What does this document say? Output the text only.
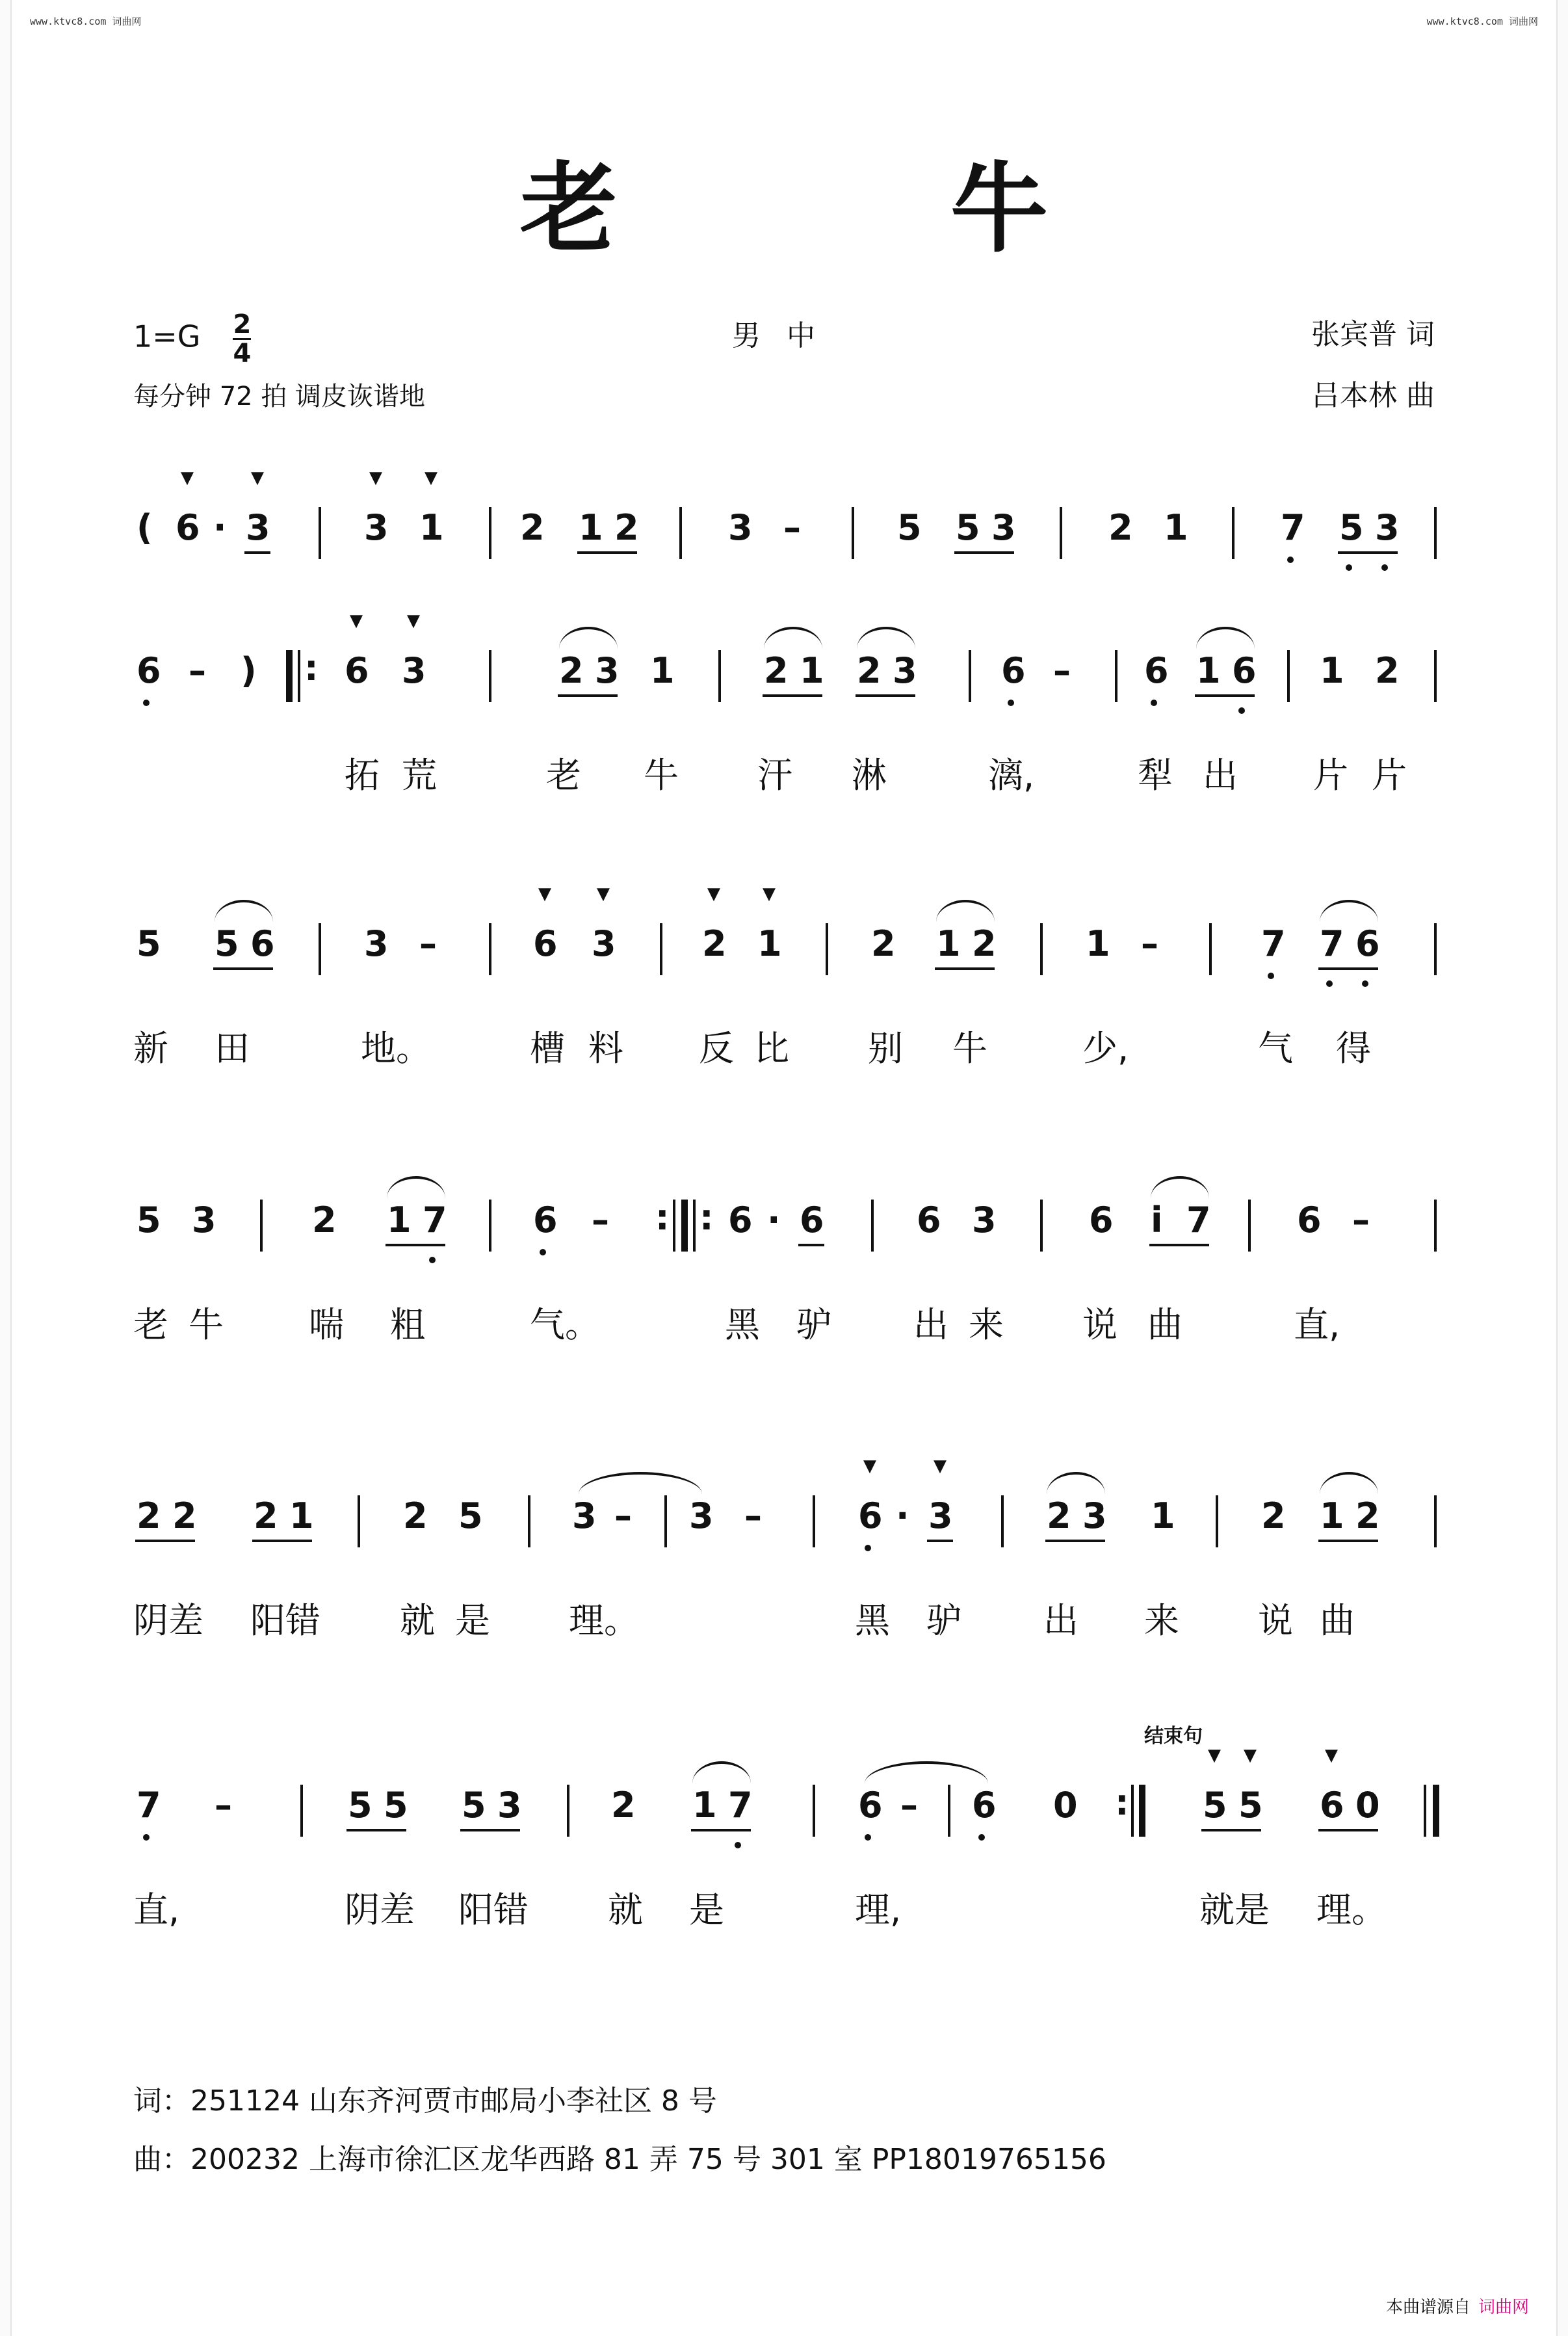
www.ktvc8.com 词曲网	www.ktvc8.com 词曲网
老 牛
$1=G \frac{2}{4}$	男中	张宾普 词
每分钟 72 拍 调皮诙谐地	吕本林 曲
( 6 · 3	3 1 2 1 2	3 –	5 5 3	2 1	7 5 3
▼	▼	▼	▼
6 – ) : 6 3	2 3 1	2 1 2 3 6 – 6 1 6 1 2
▼	▼
拓 荒	老 牛 汗 淋	漓,	犁 出 片 片
5 5 6	3 –	6 3 2 1	2 1 2	1 –	7 7 6
▼	▼	▼	▼
新 田	地。	槽 料 反 比 别 牛	少,	气 得
5 3	2 1 7 6 – : : 6 · 6	6 3	6 i 7 6 –
老 牛 喘 粗	气。	黑 驴 出 来 说 曲	直,
2 2 2 1	2 5	3 – 3 –	6 · 3	2 3 1 2 1 2
▼	▼
阴差 阳错 就 是 理。	黑 驴 出 来 说 曲
结束句
7 –	5 5 5 3	2 1 7	6 – 6 0 : 5 5 6 0
▼ ▼	▼
直,	阴差 阳错 就 是	理,	就是 理。
词：251124 山东齐河贾市邮局小李社区 8 号
曲：200232 上海市徐汇区龙华西路 81 弄 75 号 301 室 PP18019765156
本曲谱源自 词曲网
